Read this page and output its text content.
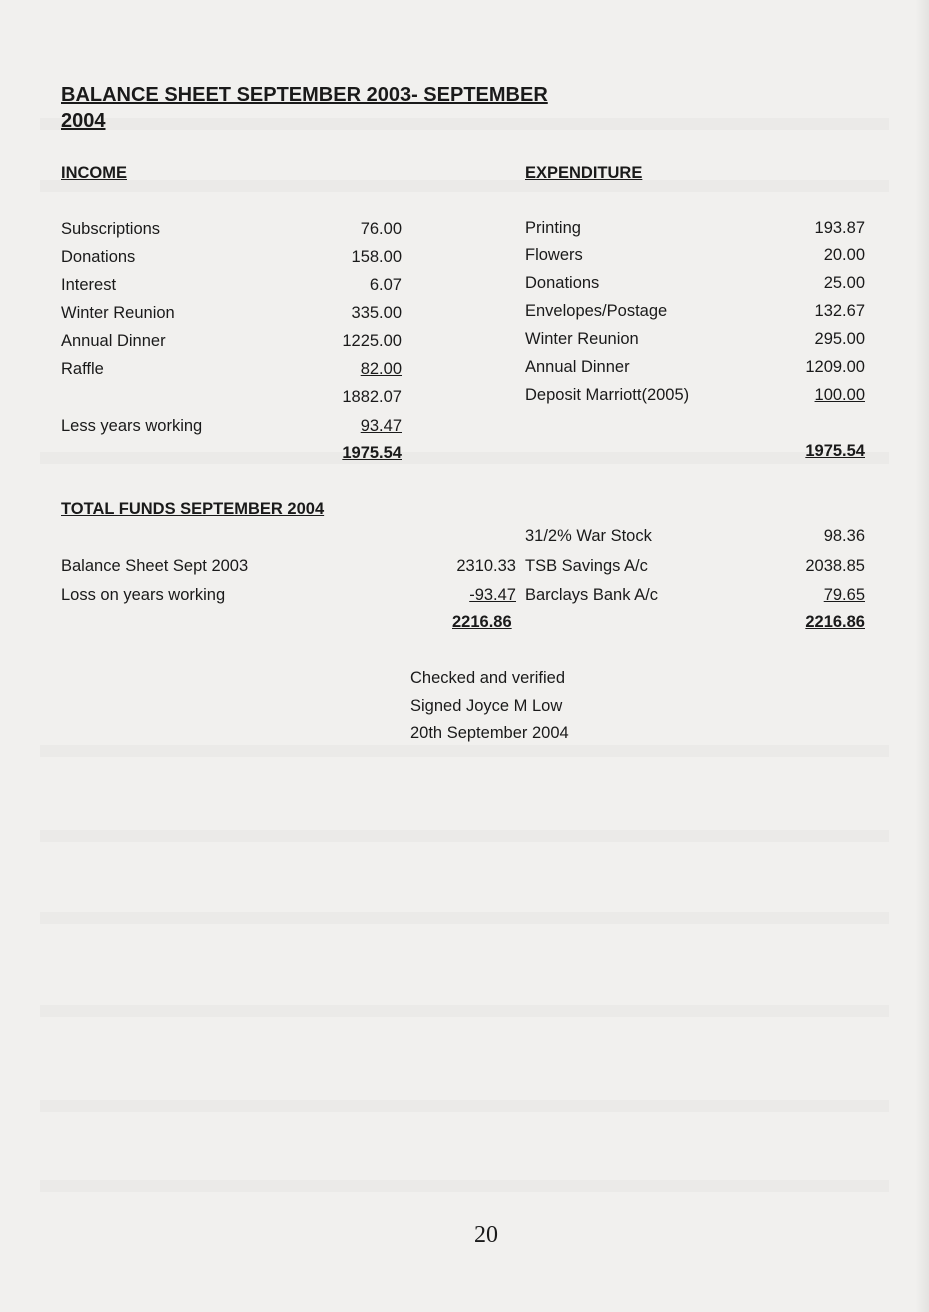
BALANCE SHEET SEPTEMBER 2003- SEPTEMBER
2004
INCOME
Subscriptions	76.00
Donations	158.00
Interest	6.07
Winter Reunion	335.00
Annual Dinner	1225.00
Raffle	82.00
1882.07
Less years working	93.47
1975.54
EXPENDITURE
Printing	193.87
Flowers	20.00
Donations	25.00
Envelopes/Postage	132.67
Winter Reunion	295.00
Annual Dinner	1209.00
Deposit Marriott(2005)	100.00
1975.54
TOTAL FUNDS SEPTEMBER 2004
Balance Sheet Sept 2003	2310.33
Loss on years working	-93.47
2216.86
31/2% War Stock	98.36
TSB Savings A/c	2038.85
Barclays Bank A/c	79.65
2216.86
Checked and verified
Signed Joyce M Low
20th September 2004
20
